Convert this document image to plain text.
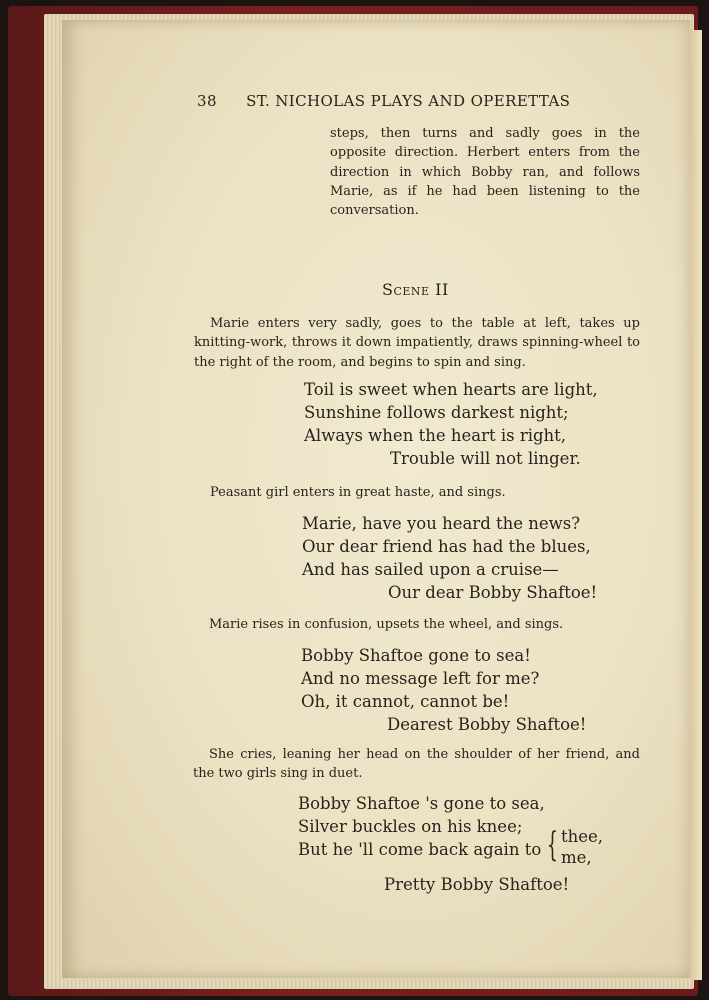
38 ST. NICHOLAS PLAYS AND OPERETTAS
steps, then turns and sadly goes in the opposite direction. Herbert enters from the direction in which Bobby ran, and follows Marie, as if he had been listening to the conversation.
Scene II
Marie enters very sadly, goes to the table at left, takes up knitting-work, throws it down impatiently, draws spinning-wheel to the right of the room, and begins to spin and sing.
Toil is sweet when hearts are light,
Sunshine follows darkest night;
Always when the heart is right,
Trouble will not linger.
Peasant girl enters in great haste, and sings.
Marie, have you heard the news?
Our dear friend has had the blues,
And has sailed upon a cruise—
Our dear Bobby Shaftoe!
Marie rises in confusion, upsets the wheel, and sings.
Bobby Shaftoe gone to sea!
And no message left for me?
Oh, it cannot, cannot be!
Dearest Bobby Shaftoe!
She cries, leaning her head on the shoulder of her friend, and the two girls sing in duet.
Bobby Shaftoe 's gone to sea,
Silver buckles on his knee;
But he 'll come back again to
Pretty Bobby Shaftoe!
{ thee,
me,
